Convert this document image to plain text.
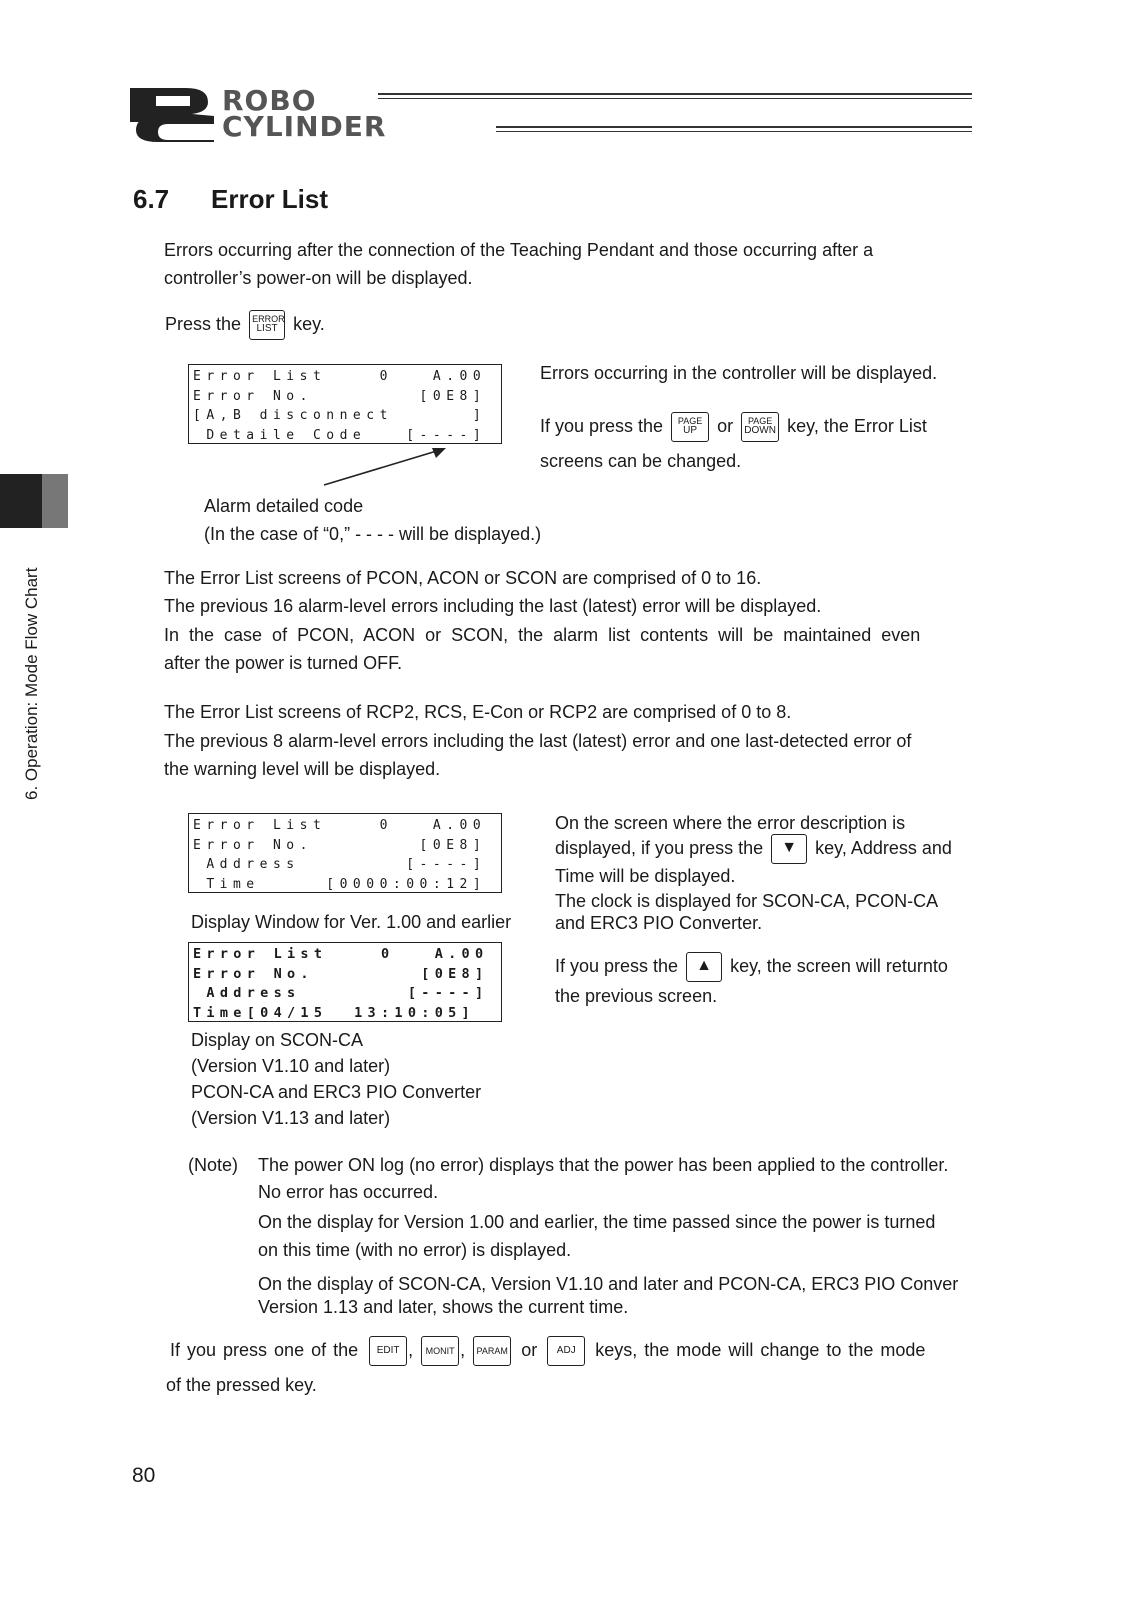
ROBO
CYLINDER
6. Operation: Mode Flow Chart
6.7 Error List
Errors occurring after the connection of the Teaching Pendant and those occurring after a
controller’s power-on will be displayed.
Press the ERROR
LIST key.
Error List    0   A.00
Error No.        [0E8]
[A,B disconnect      ]
Detaile Code   [----]
Alarm detailed code
(In the case of “0,” - - - - will be displayed.)
Errors occurring in the controller will be displayed.
If you press the PAGE
UP or PAGE
DOWN key, the Error List
screens can be changed.
The Error List screens of PCON, ACON or SCON are comprised of 0 to 16.
The previous 16 alarm-level errors including the last (latest) error will be displayed.
In the case of PCON, ACON or SCON, the alarm list contents will be maintained even
after the power is turned OFF.
The Error List screens of RCP2, RCS, E-Con or RCP2 are comprised of 0 to 8.
The previous 8 alarm-level errors including the last (latest) error and one last-detected error of
the warning level will be displayed.
Error List    0   A.00
Error No.        [0E8]
Address        [----]
Time     [0000:00:12]
Display Window for Ver. 1.00 and earlier
Error List    0   A.00
Error No.        [0E8]
Address        [----]
Time[04/15  13:10:05]
Display on SCON-CA
(Version V1.10 and later)
PCON-CA and ERC3 PIO Converter
(Version V1.13 and later)
On the screen where the error description is
displayed, if you press the ▼ key, Address and
Time will be displayed.
The clock is displayed for SCON-CA, PCON-CA
and ERC3 PIO Converter.
If you press the ▲ key, the screen will returnto
the previous screen.
(Note) The power ON log (no error) displays that the power has been applied to the controller.
No error has occurred.
On the display for Version 1.00 and earlier, the time passed since the power is turned
on this time (with no error) is displayed.
On the display of SCON-CA, Version V1.10 and later and PCON-CA, ERC3 PIO Conver
Version 1.13 and later, shows the current time.
If you press one of the EDIT , MONIT , PARAM or ADJ keys, the mode will change to the mode
of the pressed key.
80
